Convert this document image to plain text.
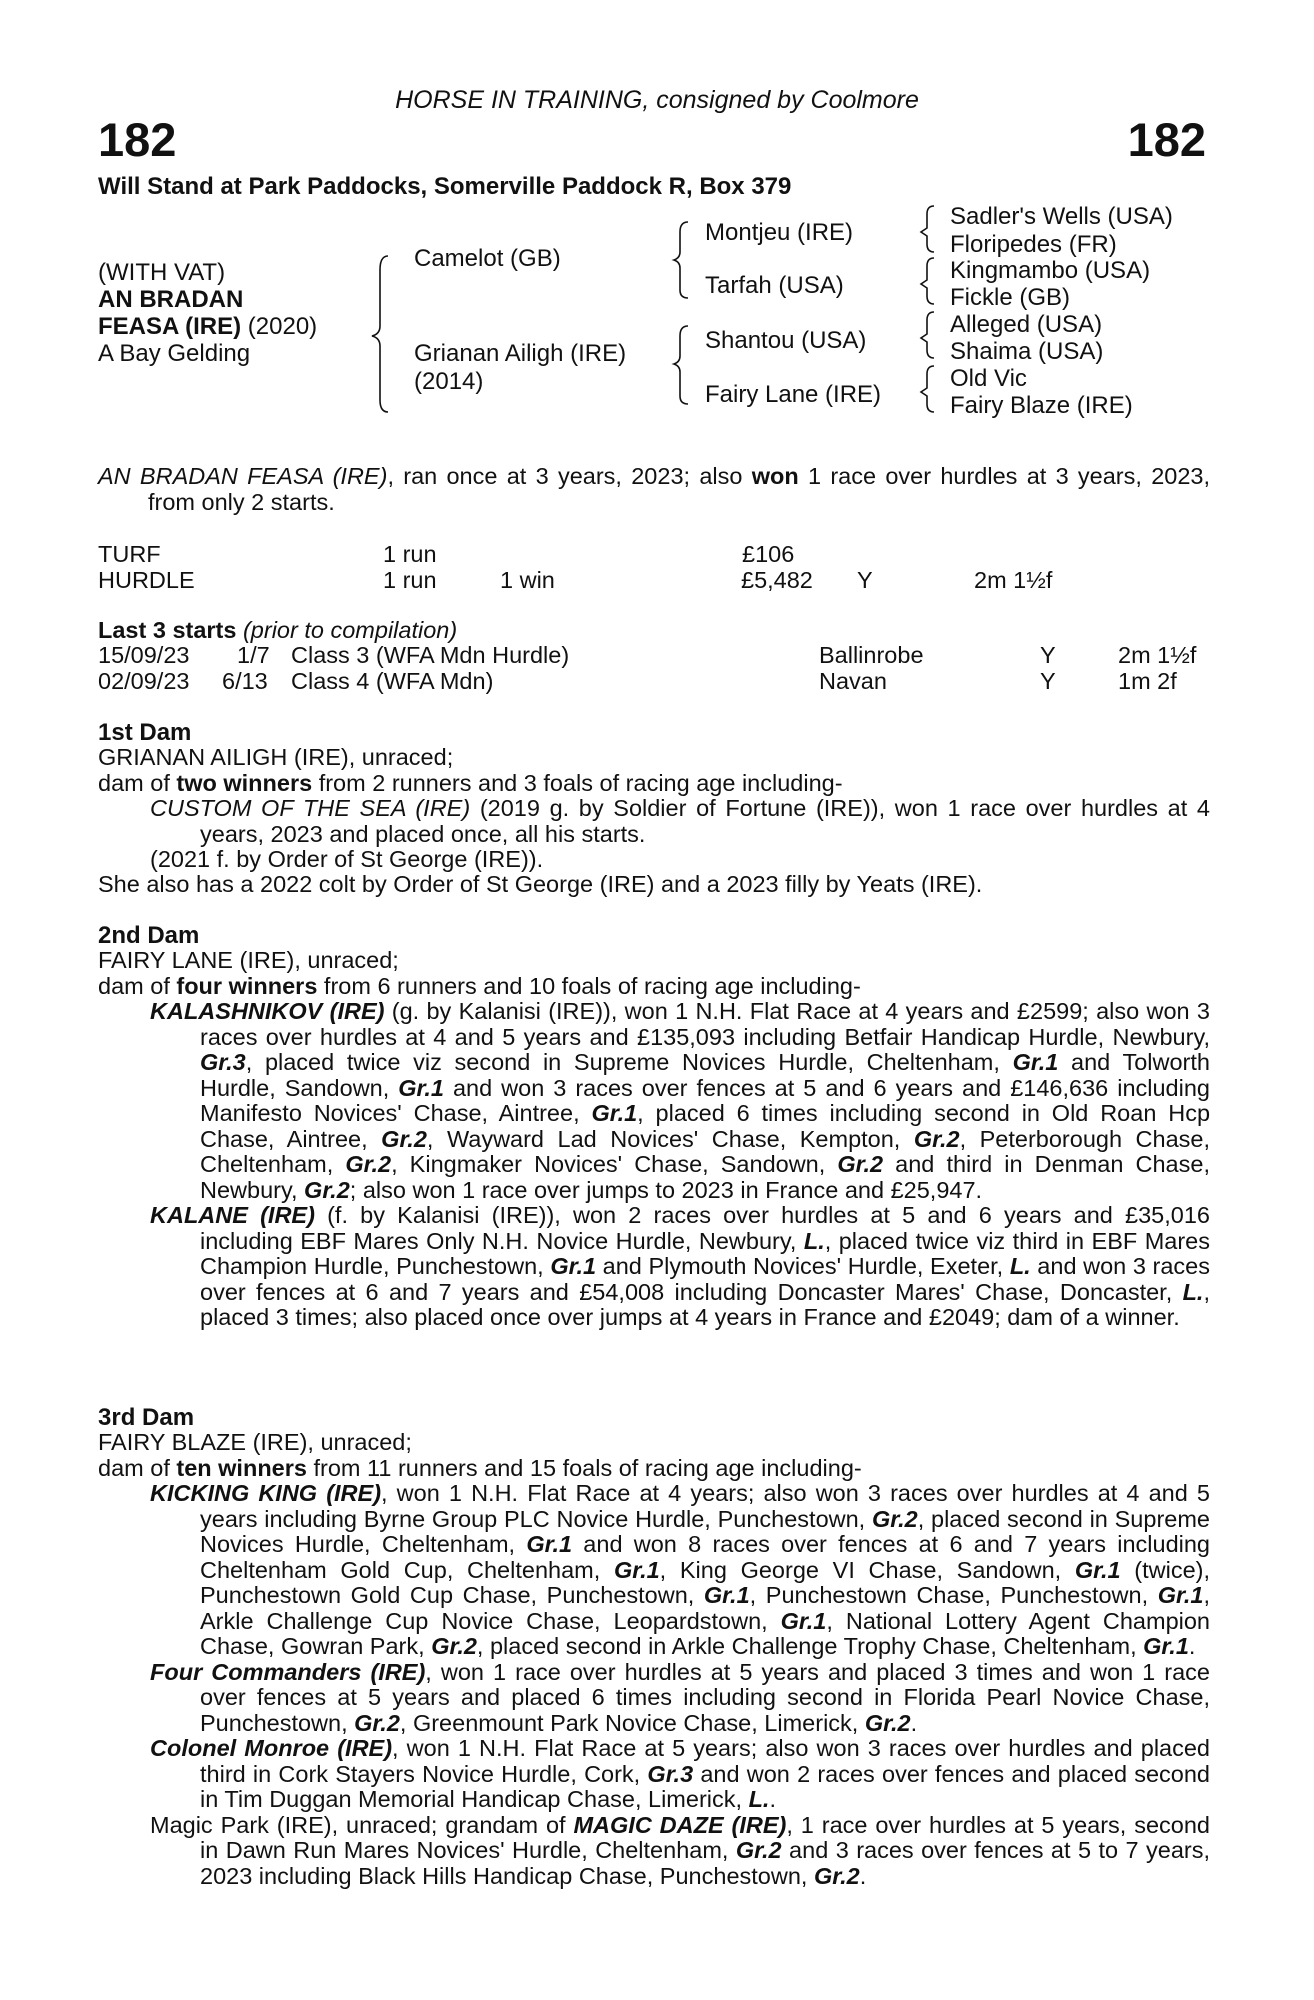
HORSE IN TRAINING, consigned by Coolmore
182	182
Will Stand at Park Paddocks, Somerville Paddock R, Box 379
(WITH VAT)
AN BRADAN
FEASA (IRE) (2020)
A Bay Gelding
Camelot (GB)
Grianan Ailigh (IRE)
(2014)
Montjeu (IRE)
Tarfah (USA)
Shantou (USA)
Fairy Lane (IRE)
Sadler's Wells (USA)
Floripedes (FR)
Kingmambo (USA)
Fickle (GB)
Alleged (USA)
Shaima (USA)
Old Vic
Fairy Blaze (IRE)
AN BRADAN FEASA (IRE), ran once at 3 years, 2023; also won 1 race over hurdles at 3 years, 2023, from only 2 starts.
TURF	1 run	£106
HURDLE	1 run	1 win	£5,482 Y	2m 1½f
Last 3 starts (prior to compilation)
15/09/23 1/7 Class 3 (WFA Mdn Hurdle)	Ballinrobe	Y	2m 1½f
02/09/23 6/13 Class 4 (WFA Mdn)	Navan	Y	1m 2f
1st Dam
GRIANAN AILIGH (IRE), unraced;
dam of two winners from 2 runners and 3 foals of racing age including-
CUSTOM OF THE SEA (IRE) (2019 g. by Soldier of Fortune (IRE)), won 1 race over hurdles at 4 years, 2023 and placed once, all his starts.
(2021 f. by Order of St George (IRE)).
She also has a 2022 colt by Order of St George (IRE) and a 2023 filly by Yeats (IRE).
2nd Dam
FAIRY LANE (IRE), unraced;
dam of four winners from 6 runners and 10 foals of racing age including-
KALASHNIKOV (IRE) (g. by Kalanisi (IRE)), won 1 N.H. Flat Race at 4 years and £2599; also won 3 races over hurdles at 4 and 5 years and £135,093 including Betfair Handicap Hurdle, Newbury, Gr.3, placed twice viz second in Supreme Novices Hurdle, Cheltenham, Gr.1 and Tolworth Hurdle, Sandown, Gr.1 and won 3 races over fences at 5 and 6 years and £146,636 including Manifesto Novices' Chase, Aintree, Gr.1, placed 6 times including second in Old Roan Hcp Chase, Aintree, Gr.2, Wayward Lad Novices' Chase, Kempton, Gr.2, Peterborough Chase, Cheltenham, Gr.2, Kingmaker Novices' Chase, Sandown, Gr.2 and third in Denman Chase, Newbury, Gr.2; also won 1 race over jumps to 2023 in France and £25,947.
KALANE (IRE) (f. by Kalanisi (IRE)), won 2 races over hurdles at 5 and 6 years and £35,016 including EBF Mares Only N.H. Novice Hurdle, Newbury, L., placed twice viz third in EBF Mares Champion Hurdle, Punchestown, Gr.1 and Plymouth Novices' Hurdle, Exeter, L. and won 3 races over fences at 6 and 7 years and £54,008 including Doncaster Mares' Chase, Doncaster, L., placed 3 times; also placed once over jumps at 4 years in France and £2049; dam of a winner.
3rd Dam
FAIRY BLAZE (IRE), unraced;
dam of ten winners from 11 runners and 15 foals of racing age including-
KICKING KING (IRE), won 1 N.H. Flat Race at 4 years; also won 3 races over hurdles at 4 and 5 years including Byrne Group PLC Novice Hurdle, Punchestown, Gr.2, placed second in Supreme Novices Hurdle, Cheltenham, Gr.1 and won 8 races over fences at 6 and 7 years including Cheltenham Gold Cup, Cheltenham, Gr.1, King George VI Chase, Sandown, Gr.1 (twice), Punchestown Gold Cup Chase, Punchestown, Gr.1, Punchestown Chase, Punchestown, Gr.1, Arkle Challenge Cup Novice Chase, Leopardstown, Gr.1, National Lottery Agent Champion Chase, Gowran Park, Gr.2, placed second in Arkle Challenge Trophy Chase, Cheltenham, Gr.1.
Four Commanders (IRE), won 1 race over hurdles at 5 years and placed 3 times and won 1 race over fences at 5 years and placed 6 times including second in Florida Pearl Novice Chase, Punchestown, Gr.2, Greenmount Park Novice Chase, Limerick, Gr.2.
Colonel Monroe (IRE), won 1 N.H. Flat Race at 5 years; also won 3 races over hurdles and placed third in Cork Stayers Novice Hurdle, Cork, Gr.3 and won 2 races over fences and placed second in Tim Duggan Memorial Handicap Chase, Limerick, L..
Magic Park (IRE), unraced; grandam of MAGIC DAZE (IRE), 1 race over hurdles at 5 years, second in Dawn Run Mares Novices' Hurdle, Cheltenham, Gr.2 and 3 races over fences at 5 to 7 years, 2023 including Black Hills Handicap Chase, Punchestown, Gr.2.
